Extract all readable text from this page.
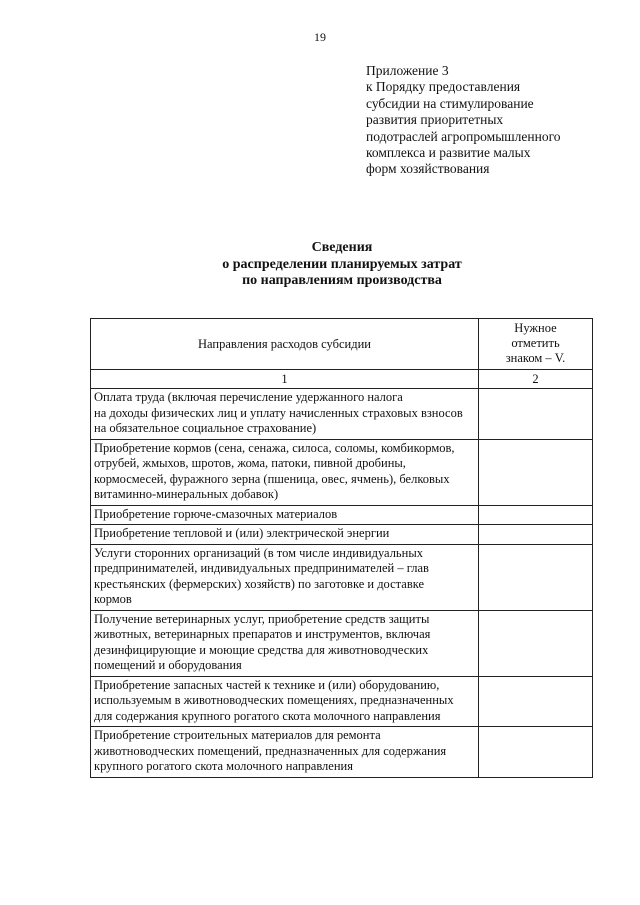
19
Приложение 3
к Порядку предоставления
субсидии на стимулирование
развития приоритетных
подотраслей агропромышленного
комплекса и развитие малых
форм хозяйствования
Сведения
о распределении планируемых затрат
по направлениям производства
Направления расходов субсидии	Нужное
отметить
знаком – V.

1	2

Оплата труда (включая перечисление удержанного налога
на доходы физических лиц и уплату начисленных страховых взносов
на обязательное социальное страхование)	

Приобретение кормов (сена, сенажа, силоса, соломы, комбикормов,
отрубей, жмыхов, шротов, жома, патоки, пивной дробины,
кормосмесей, фуражного зерна (пшеница, овес, ячмень), белковых
витаминно-минеральных добавок)	

Приобретение горюче-смазочных материалов	

Приобретение тепловой и (или) электрической энергии	

Услуги сторонних организаций (в том числе индивидуальных
предпринимателей, индивидуальных предпринимателей – глав
крестьянских (фермерских) хозяйств) по заготовке и доставке
кормов	

Получение ветеринарных услуг, приобретение средств защиты
животных, ветеринарных препаратов и инструментов, включая
дезинфицирующие и моющие средства для животноводческих
помещений и оборудования	

Приобретение запасных частей к технике и (или) оборудованию,
используемым в животноводческих помещениях, предназначенных
для содержания крупного рогатого скота молочного направления	

Приобретение строительных материалов для ремонта
животноводческих помещений, предназначенных для содержания
крупного рогатого скота молочного направления	
